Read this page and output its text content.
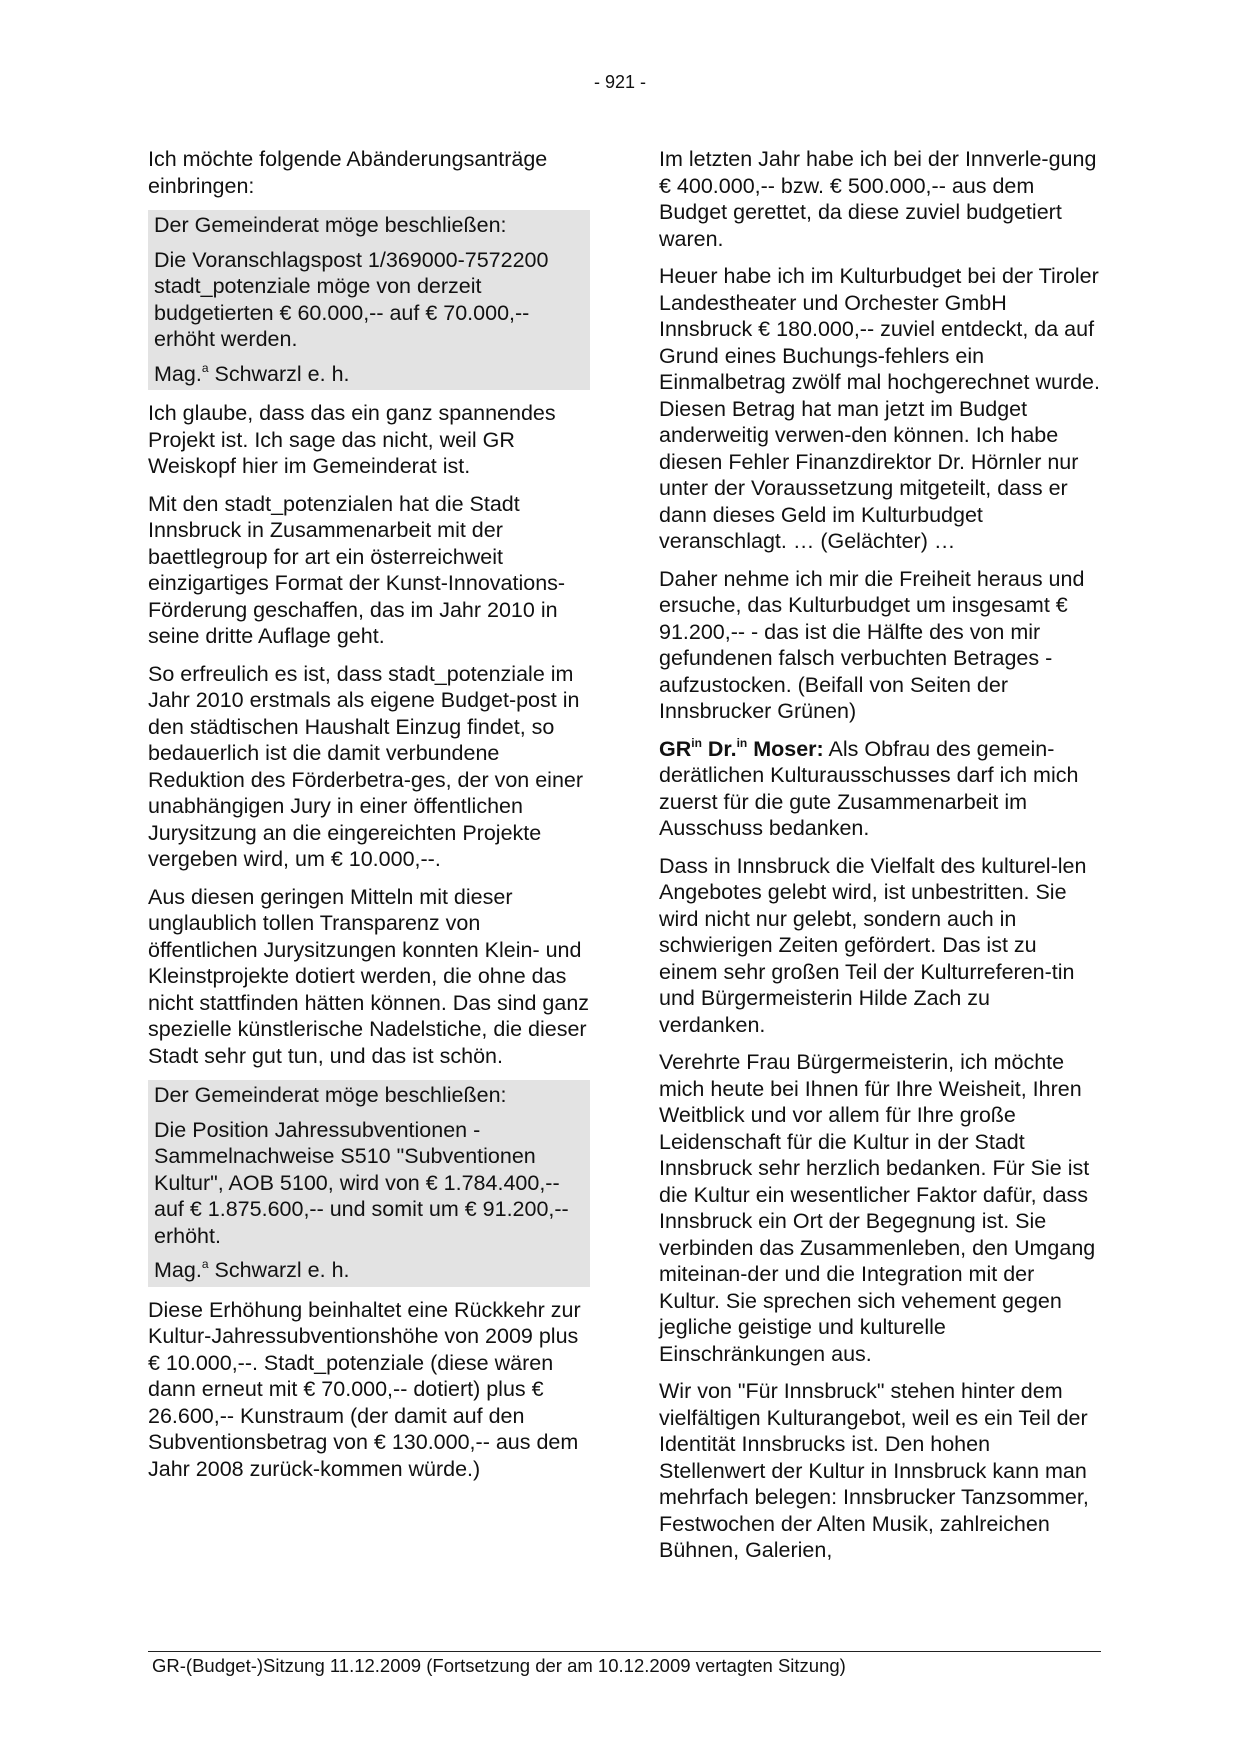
- 921 -

Ich möchte folgende Abänderungsanträge einbringen:

Der Gemeinderat möge beschließen:

Die Voranschlagspost 1/369000-7572200 stadt_potenziale möge von derzeit budgetierten € 60.000,-- auf € 70.000,-- erhöht werden.

Mag.$^a$ Schwarzl e. h.

Ich glaube, dass das ein ganz spannendes Projekt ist. Ich sage das nicht, weil GR Weiskopf hier im Gemeinderat ist.

Mit den stadt_potenzialen hat die Stadt Innsbruck in Zusammenarbeit mit der baettlegroup for art ein österreichweit einzigartiges Format der Kunst-Innovations-Förderung geschaffen, das im Jahr 2010 in seine dritte Auflage geht.

So erfreulich es ist, dass stadt_potenziale im Jahr 2010 erstmals als eigene Budget-post in den städtischen Haushalt Einzug findet, so bedauerlich ist die damit verbundene Reduktion des Förderbetra-ges, der von einer unabhängigen Jury in einer öffentlichen Jurysitzung an die eingereichten Projekte vergeben wird, um € 10.000,--.

Aus diesen geringen Mitteln mit dieser unglaublich tollen Transparenz von öffentlichen Jurysitzungen konnten Klein- und Kleinstprojekte dotiert werden, die ohne das nicht stattfinden hätten können. Das sind ganz spezielle künstlerische Nadelstiche, die dieser Stadt sehr gut tun, und das ist schön.

Der Gemeinderat möge beschließen:

Die Position Jahressubventionen - Sammelnachweise S510 "Subventionen Kultur", AOB 5100, wird von € 1.784.400,-- auf € 1.875.600,-- und somit um € 91.200,-- erhöht.

Mag.$^a$ Schwarzl e. h.

Diese Erhöhung beinhaltet eine Rückkehr zur Kultur-Jahressubventionshöhe von 2009 plus € 10.000,--. Stadt_potenziale (diese wären dann erneut mit € 70.000,-- dotiert) plus € 26.600,-- Kunstraum (der damit auf den Subventionsbetrag von € 130.000,-- aus dem Jahr 2008 zurück-kommen würde.)

Im letzten Jahr habe ich bei der Innverle-gung € 400.000,-- bzw. € 500.000,-- aus dem Budget gerettet, da diese zuviel budgetiert waren.

Heuer habe ich im Kulturbudget bei der Tiroler Landestheater und Orchester GmbH Innsbruck € 180.000,-- zuviel entdeckt, da auf Grund eines Buchungs-fehlers ein Einmalbetrag zwölf mal hochgerechnet wurde. Diesen Betrag hat man jetzt im Budget anderweitig verwen-den können. Ich habe diesen Fehler Finanzdirektor Dr. Hörnler nur unter der Voraussetzung mitgeteilt, dass er dann dieses Geld im Kulturbudget veranschlagt. … (Gelächter) …

Daher nehme ich mir die Freiheit heraus und ersuche, das Kulturbudget um insgesamt € 91.200,-- - das ist die Hälfte des von mir gefundenen falsch verbuchten Betrages - aufzustocken. (Beifall von Seiten der Innsbrucker Grünen)

$GR^{in}$ Dr.$^{in}$ Moser: Als Obfrau des gemein-derätlichen Kulturausschusses darf ich mich zuerst für die gute Zusammenarbeit im Ausschuss bedanken.

Dass in Innsbruck die Vielfalt des kulturel-len Angebotes gelebt wird, ist unbestritten. Sie wird nicht nur gelebt, sondern auch in schwierigen Zeiten gefördert. Das ist zu einem sehr großen Teil der Kulturreferen-tin und Bürgermeisterin Hilde Zach zu verdanken.

Verehrte Frau Bürgermeisterin, ich möchte mich heute bei Ihnen für Ihre Weisheit, Ihren Weitblick und vor allem für Ihre große Leidenschaft für die Kultur in der Stadt Innsbruck sehr herzlich bedanken. Für Sie ist die Kultur ein wesentlicher Faktor dafür, dass Innsbruck ein Ort der Begegnung ist. Sie verbinden das Zusammenleben, den Umgang miteinan-der und die Integration mit der Kultur. Sie sprechen sich vehement gegen jegliche geistige und kulturelle Einschränkungen aus.

Wir von "Für Innsbruck" stehen hinter dem vielfältigen Kulturangebot, weil es ein Teil der Identität Innsbrucks ist. Den hohen Stellenwert der Kultur in Innsbruck kann man mehrfach belegen: Innsbrucker Tanzsommer, Festwochen der Alten Musik, zahlreichen Bühnen, Galerien,

GR-(Budget-)Sitzung 11.12.2009 (Fortsetzung der am 10.12.2009 vertagten Sitzung)
